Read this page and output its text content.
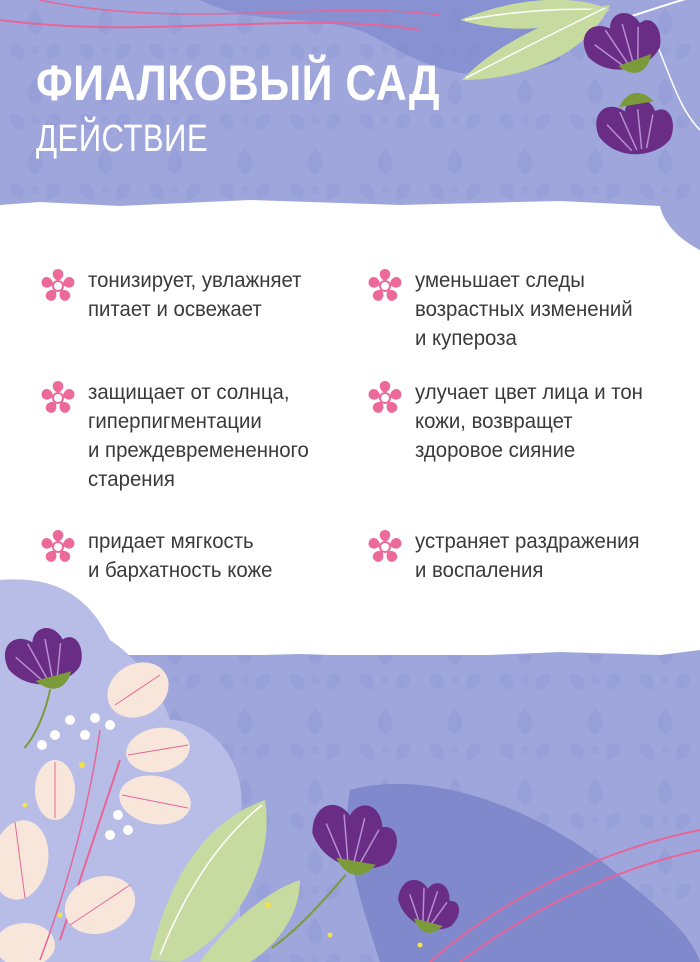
ФИАЛКОВЫЙ САД
ДЕЙСТВИЕ
тонизирует, увлажняет
питает и освежает
защищает от солнца,
гиперпигментации
и преждевремененного
старения
придает мягкость
и бархатность коже
уменьшает следы
возрастных изменений
и купероза
улучает цвет лица и тон
кожи, возвращет
здоровое сияние
устраняет раздражения
и воспаления
